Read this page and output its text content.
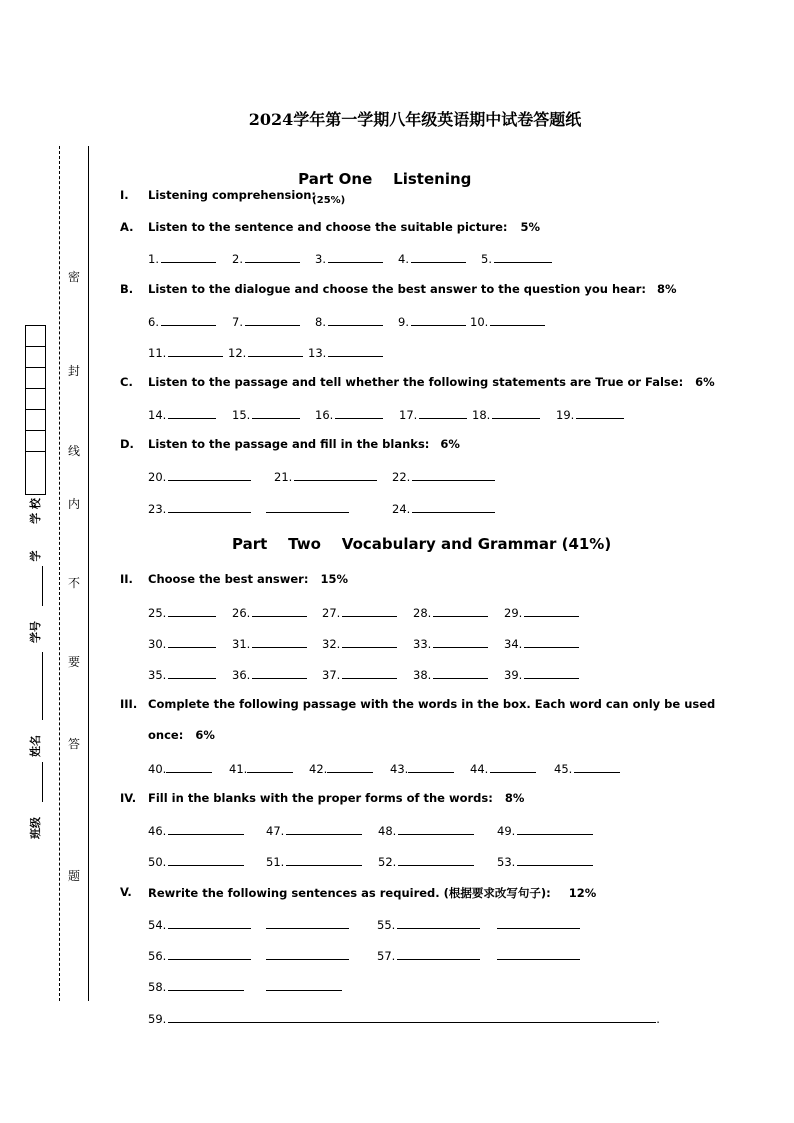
2024学年第一学期八年级英语期中试卷答题纸
密
封
线
内
不
要
答
题
学 校
学
学号
姓名
班级

Part One    Listening
(25%)

I. Listening comprehension:
A. Listen to the sentence and choose the suitable picture: 5%
1.	2.	3.	4.	5.
B. Listen to the dialogue and choose the best answer to the question you hear: 8%
6.	7.	8.	9.	10.
11.	12.	13.
C. Listen to the passage and tell whether the following statements are True or False: 6%
14.	15.	16.	17.	18.	19.
D. Listen to the passage and fill in the blanks: 6%
20.	21.	22.
23.	24.
Part    Two    Vocabulary and Grammar (41%)
II. Choose the best answer: 15%
25.	26.	27.	28.	29.
30.	31.	32.	33.	34.
35.	36.	37.	38.	39.
III. Complete the following passage with the words in the box. Each word can only be used
once: 6%
40.	41.	42.	43.	44.	45.
IV. Fill in the blanks with the proper forms of the words: 8%
46.	47.	48.	49.
50.	51.	52.	53.
V. Rewrite the following sentences as required. (根据要求改写句子): 12%
54.	55.
56.	57.
58.
59.	.
